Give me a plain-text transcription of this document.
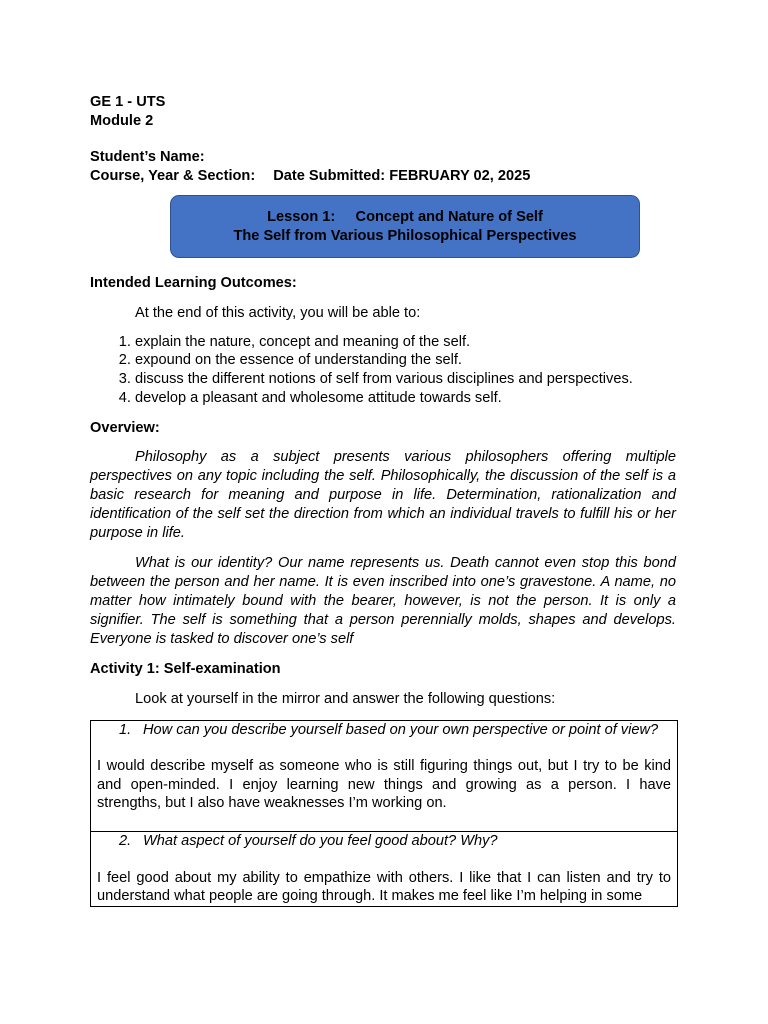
GE 1 - UTS
Module 2
Student’s Name:
Course, Year & Section: Date Submitted: FEBRUARY 02, 2025
Lesson 1: Concept and Nature of Self
The Self from Various Philosophical Perspectives
Intended Learning Outcomes:
At the end of this activity, you will be able to:
1. explain the nature, concept and meaning of the self.
2. expound on the essence of understanding the self.
3. discuss the different notions of self from various disciplines and perspectives.
4. develop a pleasant and wholesome attitude towards self.
Overview:

Philosophy as a subject presents various philosophers offering multiple perspectives on any topic including the self. Philosophically, the discussion of the self is a basic research for meaning and purpose in life. Determination, rationalization and identification of the self set the direction from which an individual travels to fulfill his or her purpose in life.

What is our identity? Our name represents us. Death cannot even stop this bond between the person and her name. It is even inscribed into one’s gravestone. A name, no matter how intimately bound with the bearer, however, is not the person. It is only a signifier. The self is something that a person perennially molds, shapes and develops. Everyone is tasked to discover one’s self

Activity 1: Self-examination
Look at yourself in the mirror and answer the following questions:
1. How can you describe yourself based on your own perspective or point of view?
I would describe myself as someone who is still figuring things out, but I try to be kind and open-minded. I enjoy learning new things and growing as a person. I have strengths, but I also have weaknesses I’m working on.

2. What aspect of yourself do you feel good about? Why?
I feel good about my ability to empathize with others. I like that I can listen and try to understand what people are going through. It makes me feel like I’m helping in some
